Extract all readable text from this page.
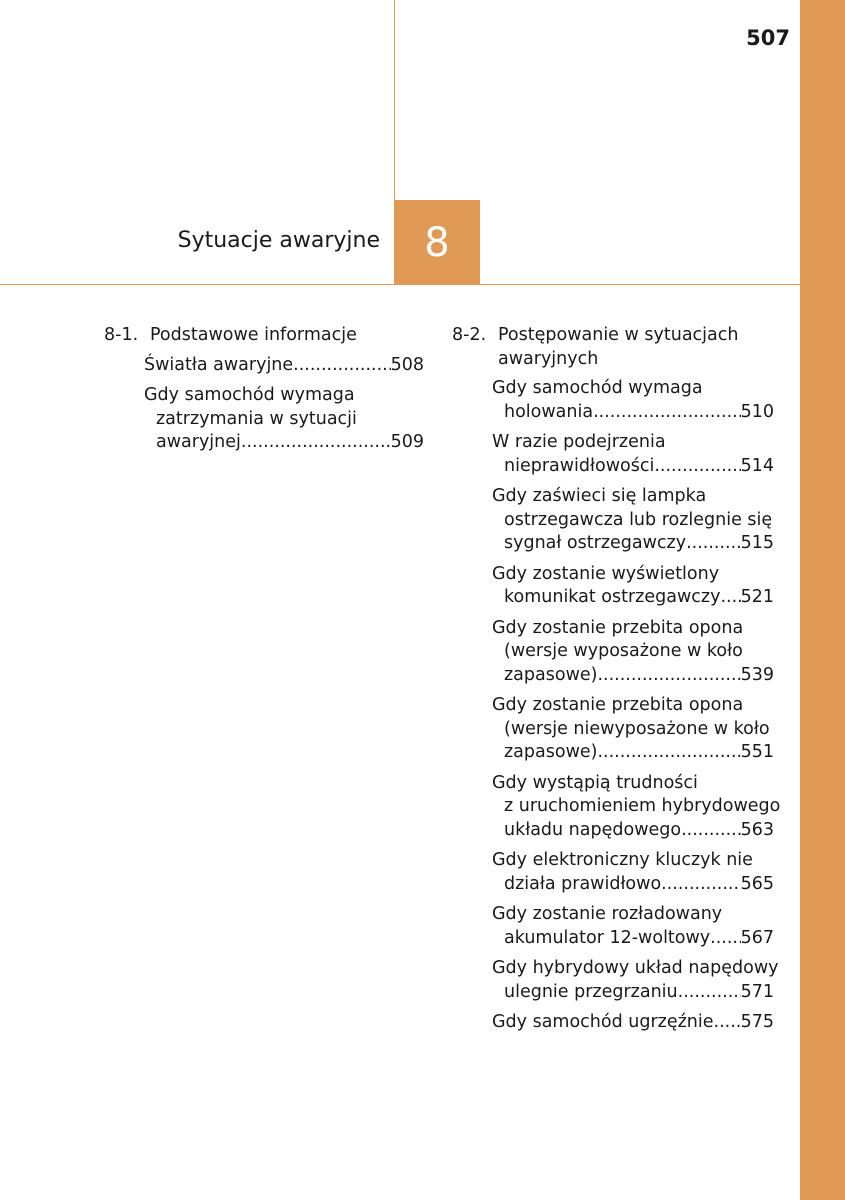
507
Sytuacje awaryjne 8
8-1. Podstawowe informacje
Światła awaryjne .....	508
Gdy samochód wymaga
zatrzymania w sytuacji
awaryjnej .....	509
8-2. Postępowanie w sytuacjach awaryjnych
Gdy samochód wymaga
holowania .....	510
W razie podejrzenia
nieprawidłowości .....	514
Gdy zaświeci się lampka
ostrzegawcza lub rozlegnie się
sygnał ostrzegawczy .....	515
Gdy zostanie wyświetlony
komunikat ostrzegawczy ..... 521
Gdy zostanie przebita opona
(wersje wyposażone w koło
zapasowe) .....	539
Gdy zostanie przebita opona
(wersje niewyposażone w koło
zapasowe) .....	551
Gdy wystąpią trudności
z uruchomieniem hybrydowego
układu napędowego .....	563
Gdy elektroniczny kluczyk nie
działa prawidłowo .....	565
Gdy zostanie rozładowany
akumulator 12-woltowy ..... 567
Gdy hybrydowy układ napędowy
ulegnie przegrzaniu .....	571
Gdy samochód ugrzęźnie ..... 575
